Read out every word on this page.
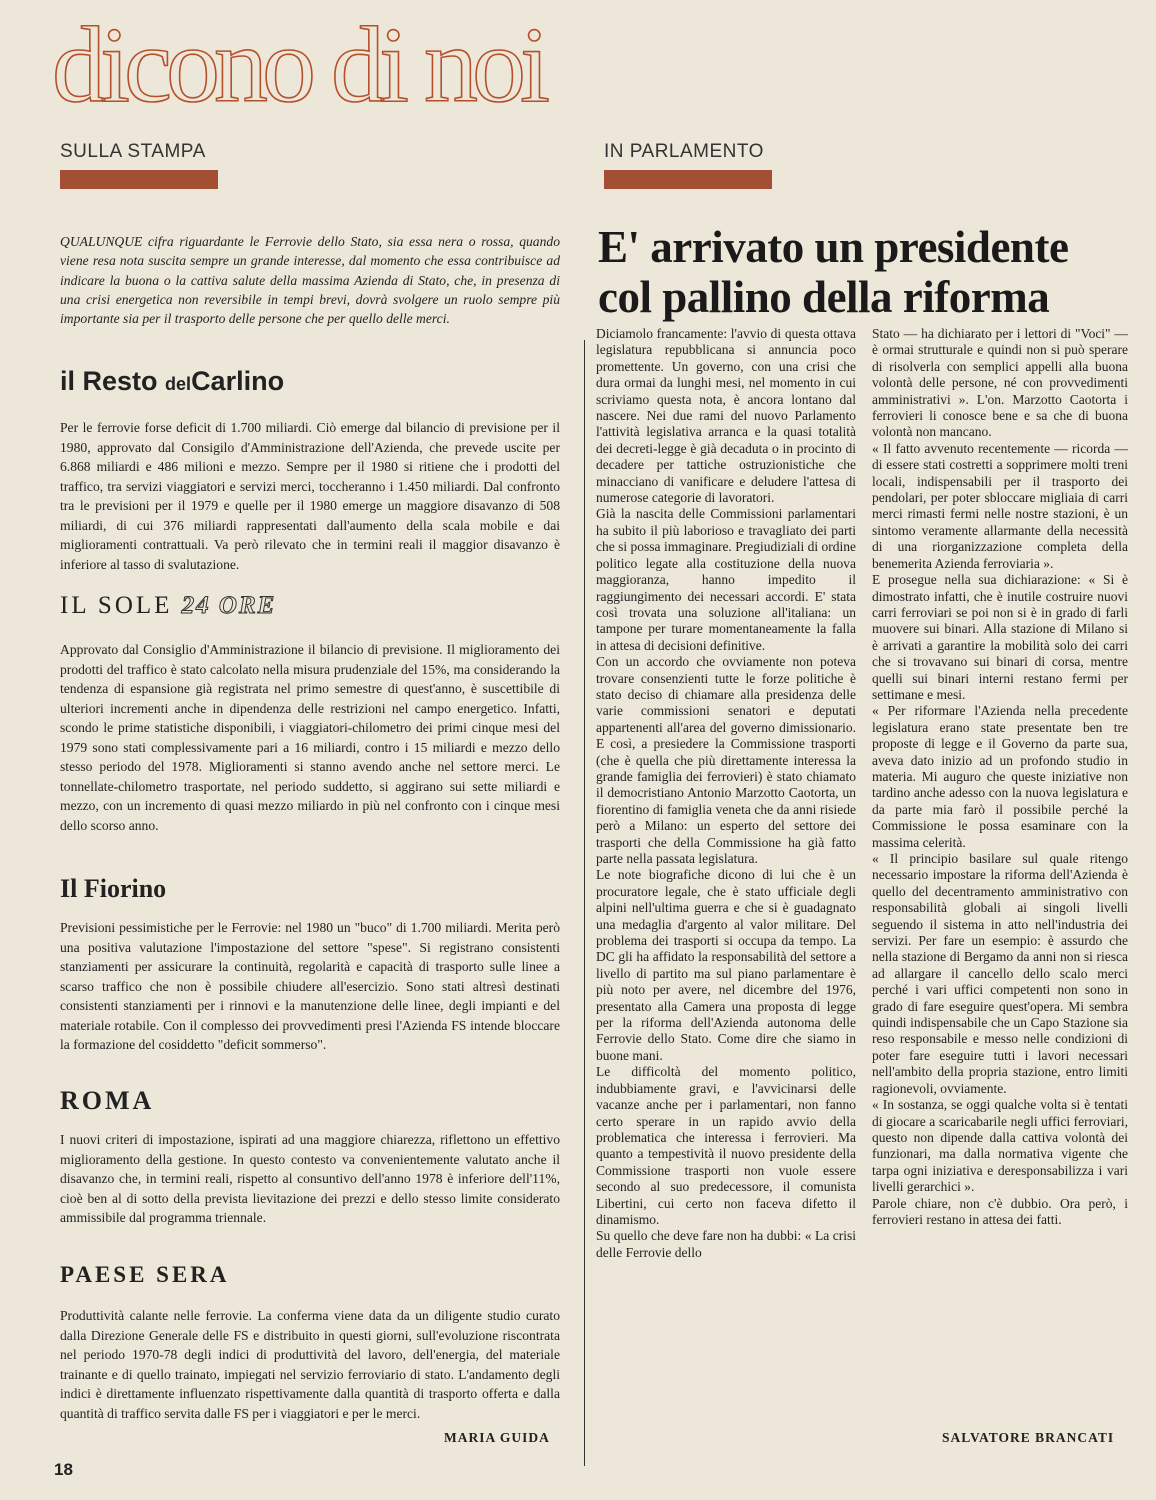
dicono di noi
SULLA STAMPA	IN PARLAMENTO

QUALUNQUE cifra riguardante le Ferrovie dello Stato, sia essa nera o rossa, quando viene resa nota suscita sempre un grande interesse, dal momento che essa contribuisce ad indicare la buona o la cattiva salute della massima Azienda di Stato, che, in presenza di una crisi energetica non reversibile in tempi brevi, dovrà svolgere un ruolo sempre più importante sia per il trasporto delle persone che per quello delle merci.

il Resto delCarlino

Per le ferrovie forse deficit di 1.700 miliardi. Ciò emerge dal bilancio di previsione per il 1980, approvato dal Consigilo d'Amministrazione dell'Azienda, che prevede uscite per 6.868 miliardi e 486 milioni e mezzo. Sempre per il 1980 si ritiene che i prodotti del traffico, tra servizi viaggiatori e servizi merci, toccheranno i 1.450 miliardi. Dal confronto tra le previsioni per il 1979 e quelle per il 1980 emerge un maggiore disavanzo di 508 miliardi, di cui 376 miliardi rappresentati dall'aumento della scala mobile e dai miglioramenti contrattuali. Va però rilevato che in termini reali il maggior disavanzo è inferiore al tasso di svalutazione.

IL SOLE 24 ORE

Approvato dal Consiglio d'Amministrazione il bilancio di previsione. Il miglioramento dei prodotti del traffico è stato calcolato nella misura prudenziale del 15%, ma considerando la tendenza di espansione già registrata nel primo semestre di quest'anno, è suscettibile di ulteriori incrementi anche in dipendenza delle restrizioni nel campo energetico. Infatti, scondo le prime statistiche disponibili, i viaggiatori-chilometro dei primi cinque mesi del 1979 sono stati complessivamente pari a 16 miliardi, contro i 15 miliardi e mezzo dello stesso periodo del 1978. Miglioramenti si stanno avendo anche nel settore merci. Le tonnellate-chilometro trasportate, nel periodo suddetto, si aggirano sui sette miliardi e mezzo, con un incremento di quasi mezzo miliardo in più nel confronto con i cinque mesi dello scorso anno.

Il Fiorino

Previsioni pessimistiche per le Ferrovie: nel 1980 un "buco" di 1.700 miliardi. Merita però una positiva valutazione l'impostazione del settore "spese". Si registrano consistenti stanziamenti per assicurare la continuità, regolarità e capacità di trasporto sulle linee a scarso traffico che non è possibile chiudere all'esercizio. Sono stati altresì destinati consistenti stanziamenti per i rinnovi e la manutenzione delle linee, degli impianti e del materiale rotabile. Con il complesso dei provvedimenti presi l'Azienda FS intende bloccare la formazione del cosiddetto "deficit sommerso".

ROMA

I nuovi criteri di impostazione, ispirati ad una maggiore chiarezza, riflettono un effettivo miglioramento della gestione. In questo contesto va convenientemente valutato anche il disavanzo che, in termini reali, rispetto al consuntivo dell'anno 1978 è inferiore dell'11%, cioè ben al di sotto della prevista lievitazione dei prezzi e dello stesso limite considerato ammissibile dal programma triennale.

PAESE SERA

Produttività calante nelle ferrovie. La conferma viene data da un diligente studio curato dalla Direzione Generale delle FS e distribuito in questi giorni, sull'evoluzione riscontrata nel periodo 1970-78 degli indici di produttività del lavoro, dell'energia, del materiale trainante e di quello trainato, impiegati nel servizio ferroviario di stato. L'andamento degli indici è direttamente influenzato rispettivamente dalla quantità di trasporto offerta e dalla quantità di traffico servita dalle FS per i viaggiatori e per le merci.

MARIA GUIDA

E' arrivato un presidente col pallino della riforma

Diciamolo francamente: l'avvio di questa ottava legislatura repubblicana si annuncia poco promettente. Un governo, con una crisi che dura ormai da lunghi mesi, nel momento in cui scriviamo questa nota, è ancora lontano dal nascere. Nei due rami del nuovo Parlamento l'attività legislativa arranca e la quasi totalità dei decreti-legge è già decaduta o in procinto di decadere per tattiche ostruzionistiche che minacciano di vanificare e deludere l'attesa di numerose categorie di lavoratori.

Già la nascita delle Commissioni parlamentari ha subito il più laborioso e travagliato dei parti che si possa immaginare. Pregiudiziali di ordine politico legate alla costituzione della nuova maggioranza, hanno impedito il raggiungimento dei necessari accordi. E' stata così trovata una soluzione all'italiana: un tampone per turare momentaneamente la falla in attesa di decisioni definitive.

Con un accordo che ovviamente non poteva trovare consenzienti tutte le forze politiche è stato deciso di chiamare alla presidenza delle varie commissioni senatori e deputati appartenenti all'area del governo dimissionario. E così, a presiedere la Commissione trasporti (che è quella che più direttamente interessa la grande famiglia dei ferrovieri) è stato chiamato il democristiano Antonio Marzotto Caotorta, un fiorentino di famiglia veneta che da anni risiede però a Milano: un esperto del settore dei trasporti che della Commissione ha già fatto parte nella passata legislatura.

Le note biografiche dicono di lui che è un procuratore legale, che è stato ufficiale degli alpini nell'ultima guerra e che si è guadagnato una medaglia d'argento al valor militare. Del problema dei trasporti si occupa da tempo. La DC gli ha affidato la responsabilità del settore a livello di partito ma sul piano parlamentare è più noto per avere, nel dicembre del 1976, presentato alla Camera una proposta di legge per la riforma dell'Azienda autonoma delle Ferrovie dello Stato. Come dire che siamo in buone mani.

Le difficoltà del momento politico, indubbiamente gravi, e l'avvicinarsi delle vacanze anche per i parlamentari, non fanno certo sperare in un rapido avvio della problematica che interessa i ferrovieri. Ma quanto a tempestività il nuovo presidente della Commissione trasporti non vuole essere secondo al suo predecessore, il comunista Libertini, cui certo non faceva difetto il dinamismo.

Su quello che deve fare non ha dubbi: « La crisi delle Ferrovie dello

Stato — ha dichiarato per i lettori di "Voci" — è ormai strutturale e quindi non si può sperare di risolverla con semplici appelli alla buona volontà delle persone, né con provvedimenti amministrativi ». L'on. Marzotto Caotorta i ferrovieri li conosce bene e sa che di buona volontà non mancano.

« Il fatto avvenuto recentemente — ricorda — di essere stati costretti a sopprimere molti treni locali, indispensabili per il trasporto dei pendolari, per poter sbloccare migliaia di carri merci rimasti fermi nelle nostre stazioni, è un sintomo veramente allarmante della necessità di una riorganizzazione completa della benemerita Azienda ferroviaria ».

E prosegue nella sua dichiarazione: « Si è dimostrato infatti, che è inutile costruire nuovi carri ferroviari se poi non si è in grado di farli muovere sui binari. Alla stazione di Milano si è arrivati a garantire la mobilità solo dei carri che si trovavano sui binari di corsa, mentre quelli sui binari interni restano fermi per settimane e mesi.

« Per riformare l'Azienda nella precedente legislatura erano state presentate ben tre proposte di legge e il Governo da parte sua, aveva dato inizio ad un profondo studio in materia. Mi auguro che queste iniziative non tardino anche adesso con la nuova legislatura e da parte mia farò il possibile perché la Commissione le possa esaminare con la massima celerità.

« Il principio basilare sul quale ritengo necessario impostare la riforma dell'Azienda è quello del decentramento amministrativo con responsabilità globali ai singoli livelli seguendo il sistema in atto nell'industria dei servizi. Per fare un esempio: è assurdo che nella stazione di Bergamo da anni non si riesca ad allargare il cancello dello scalo merci perché i vari uffici competenti non sono in grado di fare eseguire quest'opera. Mi sembra quindi indispensabile che un Capo Stazione sia reso responsabile e messo nelle condizioni di poter fare eseguire tutti i lavori necessari nell'ambito della propria stazione, entro limiti ragionevoli, ovviamente.

« In sostanza, se oggi qualche volta si è tentati di giocare a scaricabarile negli uffici ferroviari, questo non dipende dalla cattiva volontà dei funzionari, ma dalla normativa vigente che tarpa ogni iniziativa e deresponsabilizza i vari livelli gerarchici ».

Parole chiare, non c'è dubbio. Ora però, i ferrovieri restano in attesa dei fatti.

SALVATORE BRANCATI

18
